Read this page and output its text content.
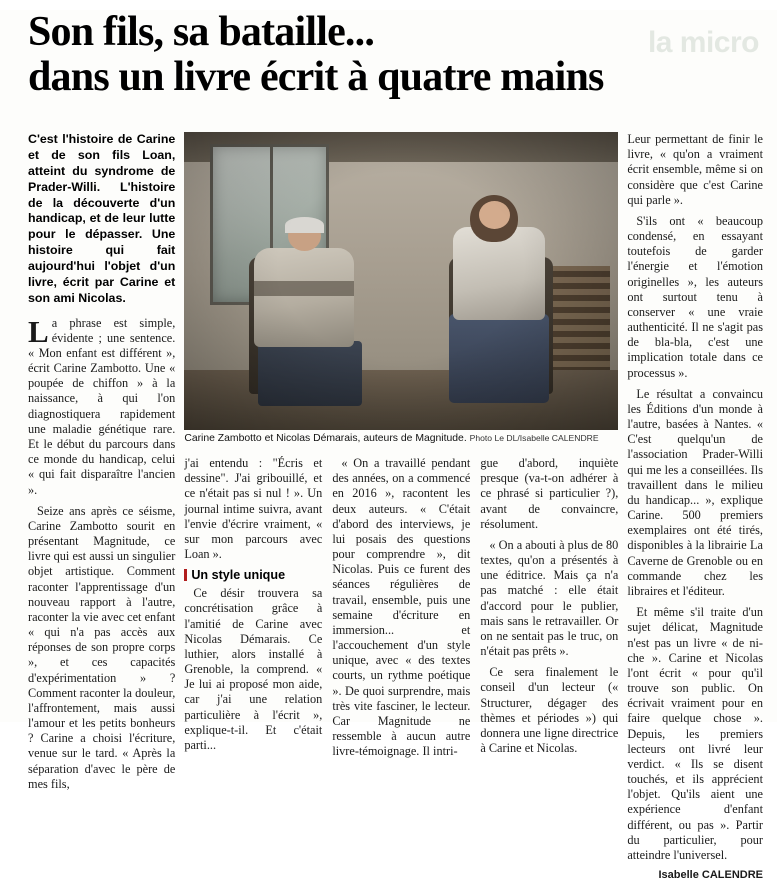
la micro
Son fils, sa bataille...
dans un livre écrit à quatre mains
C'est l'histoire de Carine et de son fils Loan, atteint du syndrome de Prader-Willi. L'histoire de la découverte d'un handicap, et de leur lutte pour le dépasser. Une histoire qui fait aujourd'hui l'objet d'un livre, écrit par Carine et son ami Nicolas.

La phrase est simple, évidente ; une sentence. « Mon enfant est différent », écrit Carine Zambotto. Une « poupée de chiffon » à la naissance, à qui l'on diagnostiquera rapidement une maladie génétique rare. Et le début du parcours dans ce monde du handicap, celui « qui fait disparaître l'ancien ».

Seize ans après ce séisme, Carine Zambotto sourit en présentant Magnitude, ce livre qui est aussi un singulier objet artistique. Comment raconter l'apprentissage d'un nouveau rapport à l'autre, raconter la vie avec cet enfant « qui n'a pas accès aux réponses de son propre corps », et ces capacités d'expérimentation » ? Comment raconter la douleur, l'affrontement, mais aussi l'amour et les petits bonheurs ? Carine a choisi l'écriture, venue sur le tard. « Après la séparation d'avec le père de mes fils,

Carine Zambotto et Nicolas Démarais, auteurs de Magnitude. Photo Le DL/Isabelle CALENDRE

j'ai entendu : "Écris et dessine". J'ai gribouillé, et ce n'était pas si nul ! ». Un journal intime suivra, avant l'envie d'écrire vraiment, « sur mon parcours avec Loan ».

Un style unique

Ce désir trouvera sa concrétisation grâce à l'amitié de Carine avec Nicolas Démarais. Ce luthier, alors installé à Grenoble, la comprend. « Je lui ai proposé mon aide, car j'ai une relation particulière à l'écrit », explique-t-il. Et c'était parti...

« On a travaillé pendant des années, on a commencé en 2016 », racontent les deux auteurs. « C'était d'abord des interviews, je lui posais des questions pour comprendre », dit Nicolas. Puis ce furent des séances régulières de travail, ensemble, puis une semaine d'écriture en immersion... et l'accouchement d'un style unique, avec « des textes courts, un rythme poétique ». De quoi surprendre, mais très vite fasciner, le lecteur. Car Magnitude ne ressemble à aucun autre livre-témoignage. Il intri-

gue d'abord, inquiète presque (va-t-on adhérer à ce phrasé si particulier ?), avant de convaincre, résolument.

« On a abouti à plus de 80 textes, qu'on a présentés à une éditrice. Mais ça n'a pas matché : elle était d'accord pour le publier, mais sans le retravailler. Or on ne sentait pas le truc, on n'était pas prêts ».

Ce sera finalement le conseil d'un lecteur (« Structurer, dégager des thèmes et périodes ») qui donnera une ligne directrice à Carine et Nicolas.

Leur permettant de finir le livre, « qu'on a vraiment écrit ensemble, même si on considère que c'est Carine qui parle ».

S'ils ont « beaucoup condensé, en essayant toutefois de garder l'énergie et l'émotion originelles », les auteurs ont surtout tenu à conserver « une vraie authenticité. Il ne s'agit pas de bla-bla, c'est une implication totale dans ce processus ».

Le résultat a convaincu les Éditions d'un monde à l'autre, basées à Nantes. « C'est quelqu'un de l'association Prader-Willi qui me les a conseillées. Ils travaillent dans le milieu du handicap... », explique Carine. 500 premiers exemplaires ont été tirés, disponibles à la librairie La Caverne de Grenoble ou en commande chez les libraires et l'éditeur.

Et même s'il traite d'un sujet délicat, Magnitude n'est pas un livre « de ni-che ». Carine et Nicolas l'ont écrit « pour qu'il trouve son public. On écrivait vraiment pour en faire quelque chose ». Depuis, les premiers lecteurs ont livré leur verdict. « Ils se disent touchés, et ils apprécient l'objet. Qu'ils aient une expérience d'enfant différent, ou pas ». Partir du particulier, pour atteindre l'universel.

Isabelle CALENDRE
